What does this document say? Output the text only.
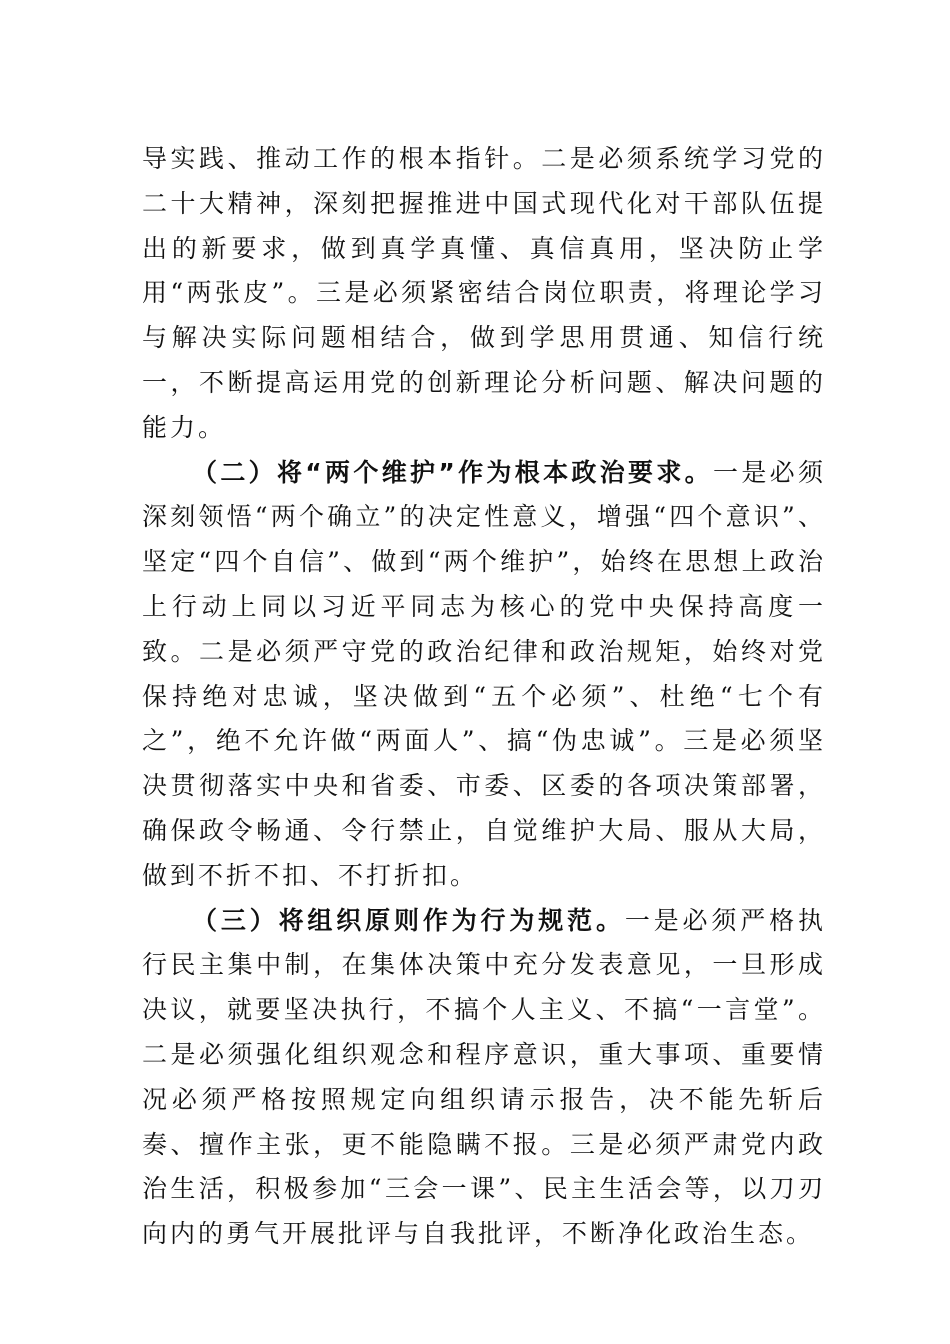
导实践、推动工作的根本指针。二是必须系统学习党的二十大精神，深刻把握推进中国式现代化对干部队伍提出的新要求，做到真学真懂、真信真用，坚决防止学用“两张皮”。三是必须紧密结合岗位职责，将理论学习与解决实际问题相结合，做到学思用贯通、知信行统一，不断提高运用党的创新理论分析问题、解决问题的能力。

（二）将“两个维护”作为根本政治要求。一是必须深刻领悟“两个确立”的决定性意义，增强“四个意识”、坚定“四个自信”、做到“两个维护”，始终在思想上政治上行动上同以习近平同志为核心的党中央保持高度一致。二是必须严守党的政治纪律和政治规矩，始终对党保持绝对忠诚，坚决做到“五个必须”、杜绝“七个有之”，绝不允许做“两面人”、搞“伪忠诚”。三是必须坚决贯彻落实中央和省委、市委、区委的各项决策部署，确保政令畅通、令行禁止，自觉维护大局、服从大局，做到不折不扣、不打折扣。

（三）将组织原则作为行为规范。一是必须严格执行民主集中制，在集体决策中充分发表意见，一旦形成决议，就要坚决执行，不搞个人主义、不搞“一言堂”。二是必须强化组织观念和程序意识，重大事项、重要情况必须严格按照规定向组织请示报告，决不能先斩后奏、擅作主张，更不能隐瞒不报。三是必须严肃党内政治生活，积极参加“三会一课”、民主生活会等，以刀刃向内的勇气开展批评与自我批评，不断净化政治生态。
